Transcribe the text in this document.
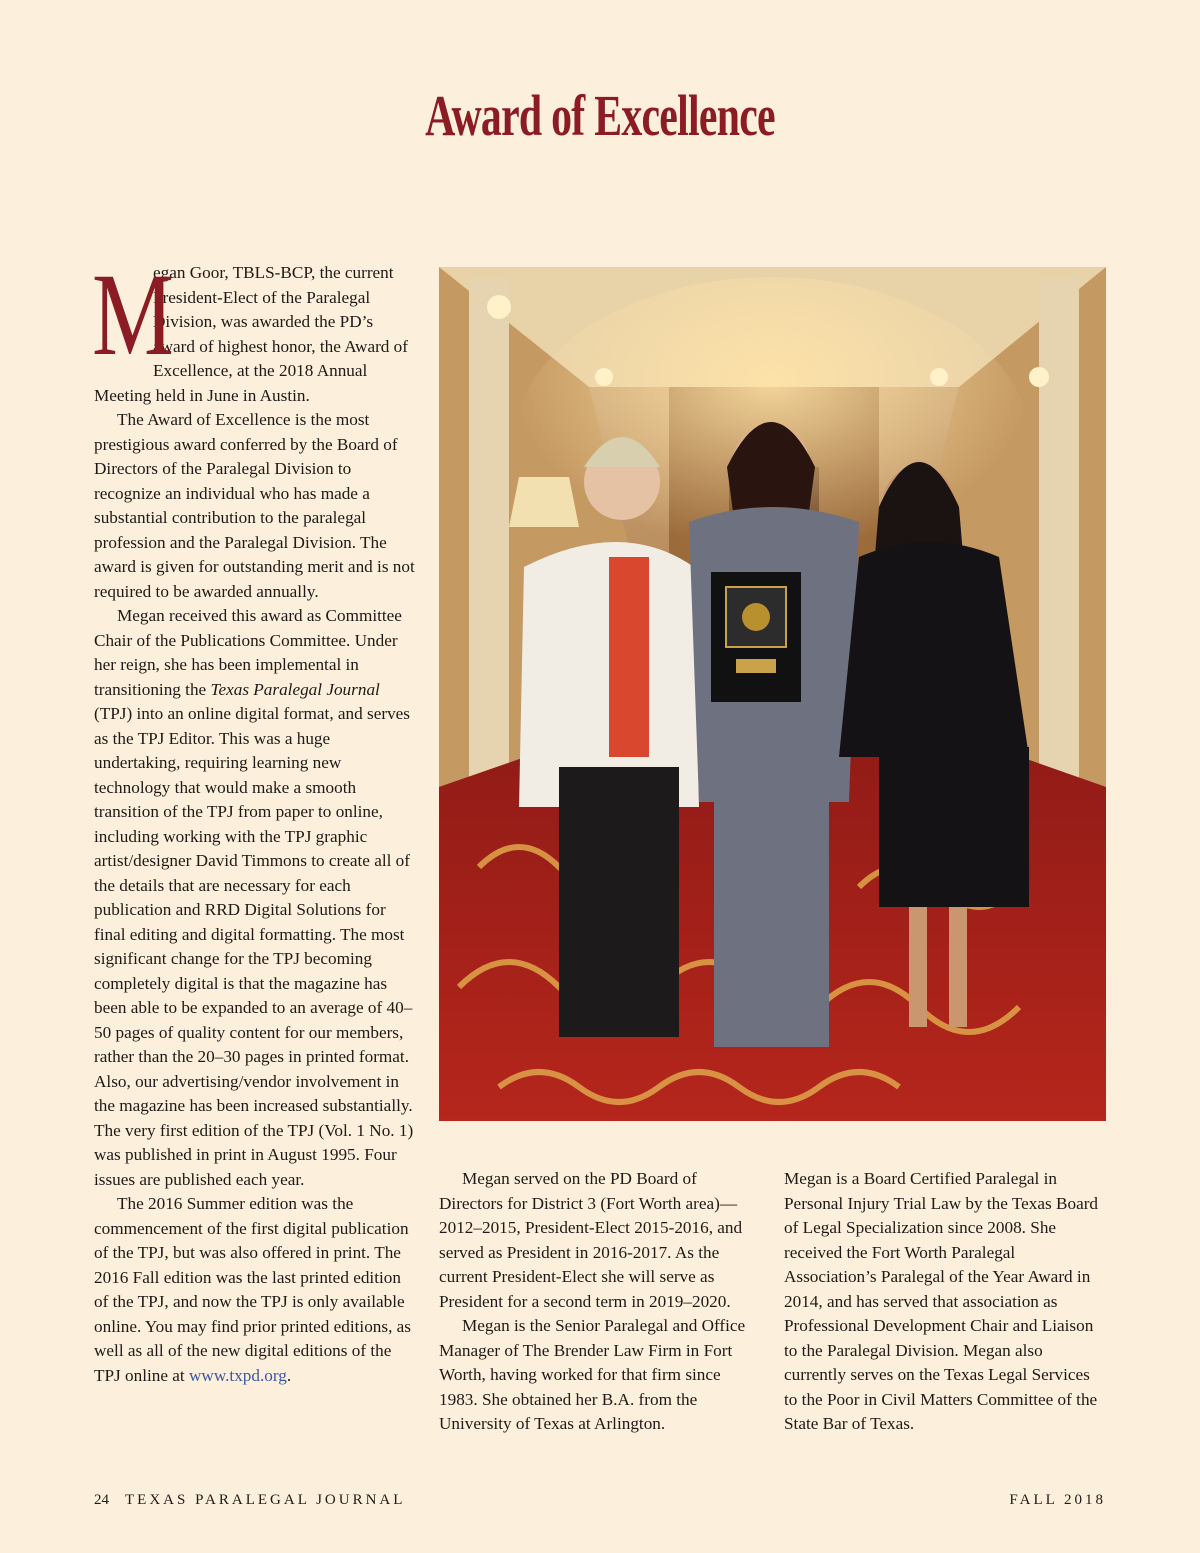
Award of Excellence

M
egan Goor, TBLS-BCP, the current President-Elect of the Paralegal Division, was awarded the PD’s award of highest honor, the Award of Excellence, at the 2018 Annual Meeting held in June in Austin.

The Award of Excellence is the most prestigious award conferred by the Board of Directors of the Paralegal Division to recognize an individual who has made a substantial contribution to the paralegal profession and the Paralegal Division. The award is given for outstanding merit and is not required to be awarded annually.

Megan received this award as Committee Chair of the Publications Committee. Under her reign, she has been implemental in transitioning the Texas Paralegal Journal (TPJ) into an online digital format, and serves as the TPJ Editor. This was a huge undertaking, requiring learning new technology that would make a smooth transition of the TPJ from paper to online, including working with the TPJ graphic artist/designer David Timmons to create all of the details that are necessary for each publication and RRD Digital Solutions for final editing and digital formatting. The most significant change for the TPJ becoming completely digital is that the magazine has been able to be expanded to an average of 40–50 pages of quality content for our members, rather than the 20–30 pages in printed format. Also, our advertising/vendor involvement in the magazine has been increased substantially. The very first edition of the TPJ (Vol. 1 No. 1) was published in print in August 1995. Four issues are published each year.

The 2016 Summer edition was the commencement of the first digital publication of the TPJ, but was also offered in print. The 2016 Fall edition was the last printed edition of the TPJ, and now the TPJ is only available online. You may find prior printed editions, as well as all of the new digital editions of the TPJ online at www.txpd.org.

Megan served on the PD Board of Directors for District 3 (Fort Worth area)—2012–2015, President-Elect 2015-2016, and served as President in 2016-2017. As the current President-Elect she will serve as President for a second term in 2019–2020.

Megan is the Senior Paralegal and Office Manager of The Brender Law Firm in Fort Worth, having worked for that firm since 1983. She obtained her B.A. from the University of Texas at Arlington.

Megan is a Board Certified Paralegal in Personal Injury Trial Law by the Texas Board of Legal Specialization since 2008. She received the Fort Worth Paralegal Association’s Paralegal of the Year Award in 2014, and has served that association as Professional Development Chair and Liaison to the Paralegal Division. Megan also currently serves on the Texas Legal Services to the Poor in Civil Matters Committee of the State Bar of Texas.

24 TEXAS PARALEGAL JOURNAL	FALL 2018
